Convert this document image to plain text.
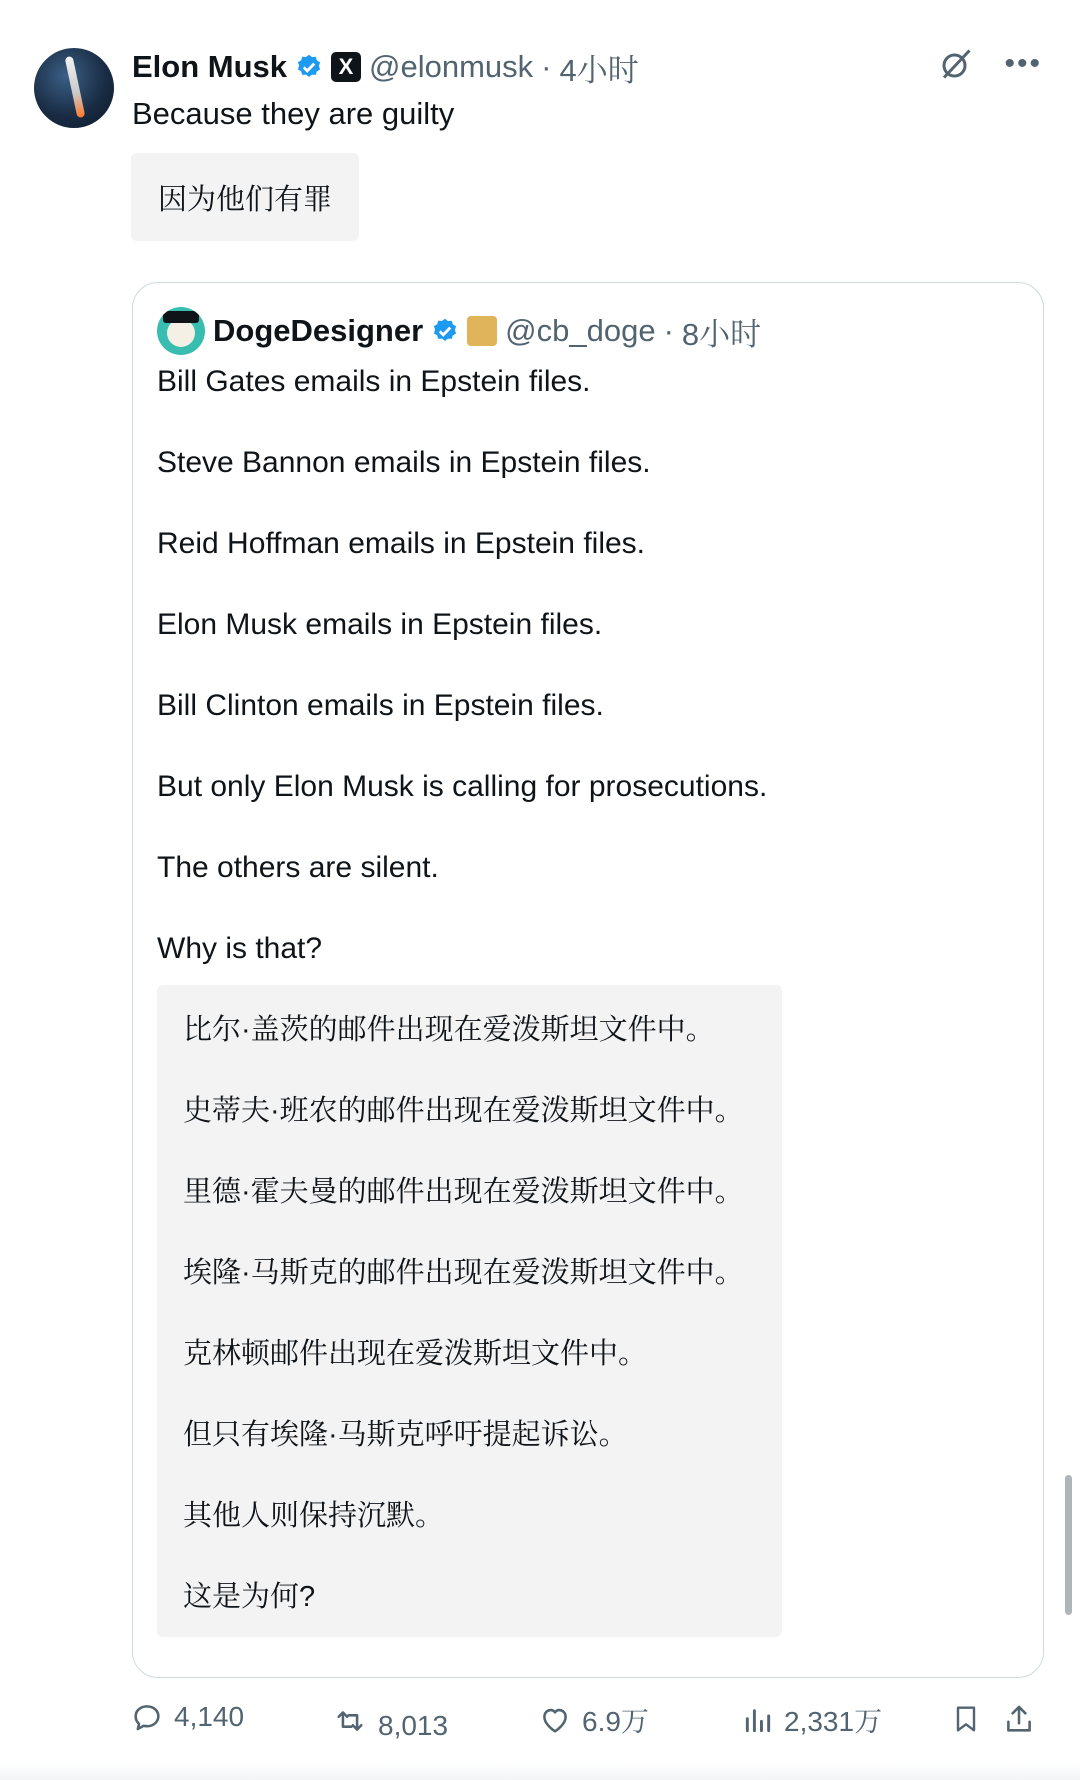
Elon Musk	X @elonmusk · 4小时	•••
Because they are guilty
因为他们有罪
DogeDesigner	@cb_doge · 8小时
Bill Gates emails in Epstein files.
Steve Bannon emails in Epstein files.
Reid Hoffman emails in Epstein files.
Elon Musk emails in Epstein files.
Bill Clinton emails in Epstein files.
But only Elon Musk is calling for prosecutions.
The others are silent.
Why is that?
比尔·盖茨的邮件出现在爱泼斯坦文件中。
史蒂夫·班农的邮件出现在爱泼斯坦文件中。
里德·霍夫曼的邮件出现在爱泼斯坦文件中。
埃隆·马斯克的邮件出现在爱泼斯坦文件中。
克林顿邮件出现在爱泼斯坦文件中。
但只有埃隆·马斯克呼吁提起诉讼。
其他人则保持沉默。
这是为何?
4,140	8,013	6.9万	2,331万
